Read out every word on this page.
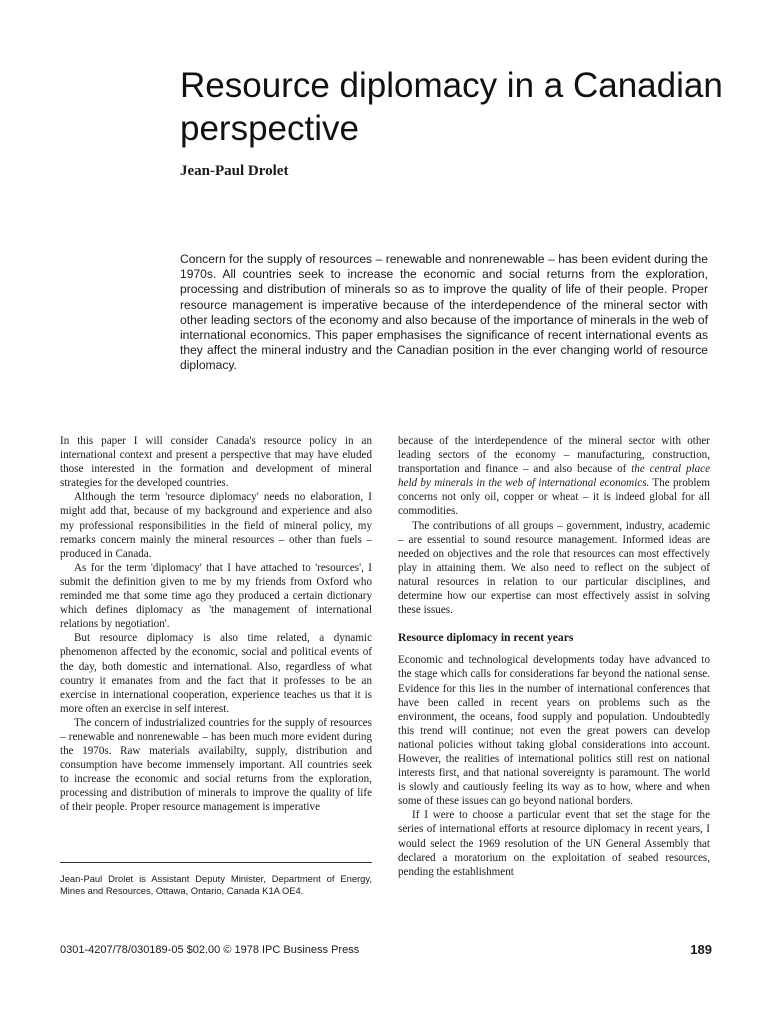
Resource diplomacy in a Canadian perspective

Jean-Paul Drolet

Concern for the supply of resources – renewable and nonrenewable – has been evident during the 1970s. All countries seek to increase the economic and social returns from the exploration, processing and distribution of minerals so as to improve the quality of life of their people. Proper resource management is imperative because of the interdependence of the mineral sector with other leading sectors of the economy and also because of the importance of minerals in the web of international economics. This paper emphasises the significance of recent international events as they affect the mineral industry and the Canadian position in the ever changing world of resource diplomacy.

In this paper I will consider Canada's resource policy in an international context and present a perspective that may have eluded those interested in the formation and development of mineral strategies for the developed countries.

Although the term 'resource diplomacy' needs no elaboration, I might add that, because of my background and experience and also my professional responsibilities in the field of mineral policy, my remarks concern mainly the mineral resources – other than fuels – produced in Canada.

As for the term 'diplomacy' that I have attached to 'resources', I submit the definition given to me by my friends from Oxford who reminded me that some time ago they produced a certain dictionary which defines diplomacy as 'the management of international relations by negotiation'.

But resource diplomacy is also time related, a dynamic phenomenon affected by the economic, social and political events of the day, both domestic and international. Also, regardless of what country it emanates from and the fact that it professes to be an exercise in international cooperation, experience teaches us that it is more often an exercise in self interest.

The concern of industrialized countries for the supply of resources – renewable and nonrenewable – has been much more evident during the 1970s. Raw materials availabilty, supply, distribution and consumption have become immensely important. All countries seek to increase the economic and social returns from the exploration, processing and distribution of minerals to improve the quality of life of their people. Proper resource management is imperative

because of the interdependence of the mineral sector with other leading sectors of the economy – manufacturing, construction, transportation and finance – and also because of the central place held by minerals in the web of international economics. The problem concerns not only oil, copper or wheat – it is indeed global for all commodities.

The contributions of all groups – government, industry, academic – are essential to sound resource management. Informed ideas are needed on objectives and the role that resources can most effectively play in attaining them. We also need to reflect on the subject of natural resources in relation to our particular disciplines, and determine how our expertise can most effectively assist in solving these issues.

Resource diplomacy in recent years

Economic and technological developments today have advanced to the stage which calls for considerations far beyond the national sense. Evidence for this lies in the number of international conferences that have been called in recent years on problems such as the environment, the oceans, food supply and population. Undoubtedly this trend will continue; not even the great powers can develop national policies without taking global considerations into account. However, the realities of international politics still rest on national interests first, and that national sovereignty is paramount. The world is slowly and cautiously feeling its way as to how, where and when some of these issues can go beyond national borders.

If I were to choose a particular event that set the stage for the series of international efforts at resource diplomacy in recent years, I would select the 1969 resolution of the UN General Assembly that declared a moratorium on the exploitation of seabed resources, pending the establishment

Jean-Paul Drolet is Assistant Deputy Minister, Department of Energy, Mines and Resources, Ottawa, Ontario, Canada K1A OE4.

0301-4207/78/030189-05 $02.00 © 1978 IPC Business Press	189
